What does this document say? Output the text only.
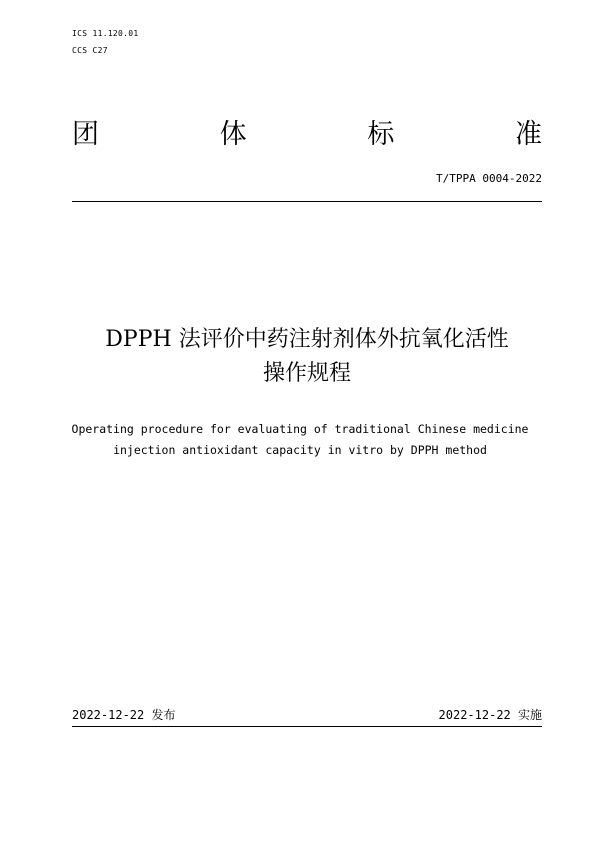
ICS 11.120.01
CCS C27
团	体	标	准
T/TPPA 0004-2022
DPPH 法评价中药注射剂体外抗氧化活性
操作规程
Operating procedure for evaluating of traditional Chinese medicine
injection antioxidant capacity in vitro by DPPH method
2022-12-22 发布	2022-12-22 实施
